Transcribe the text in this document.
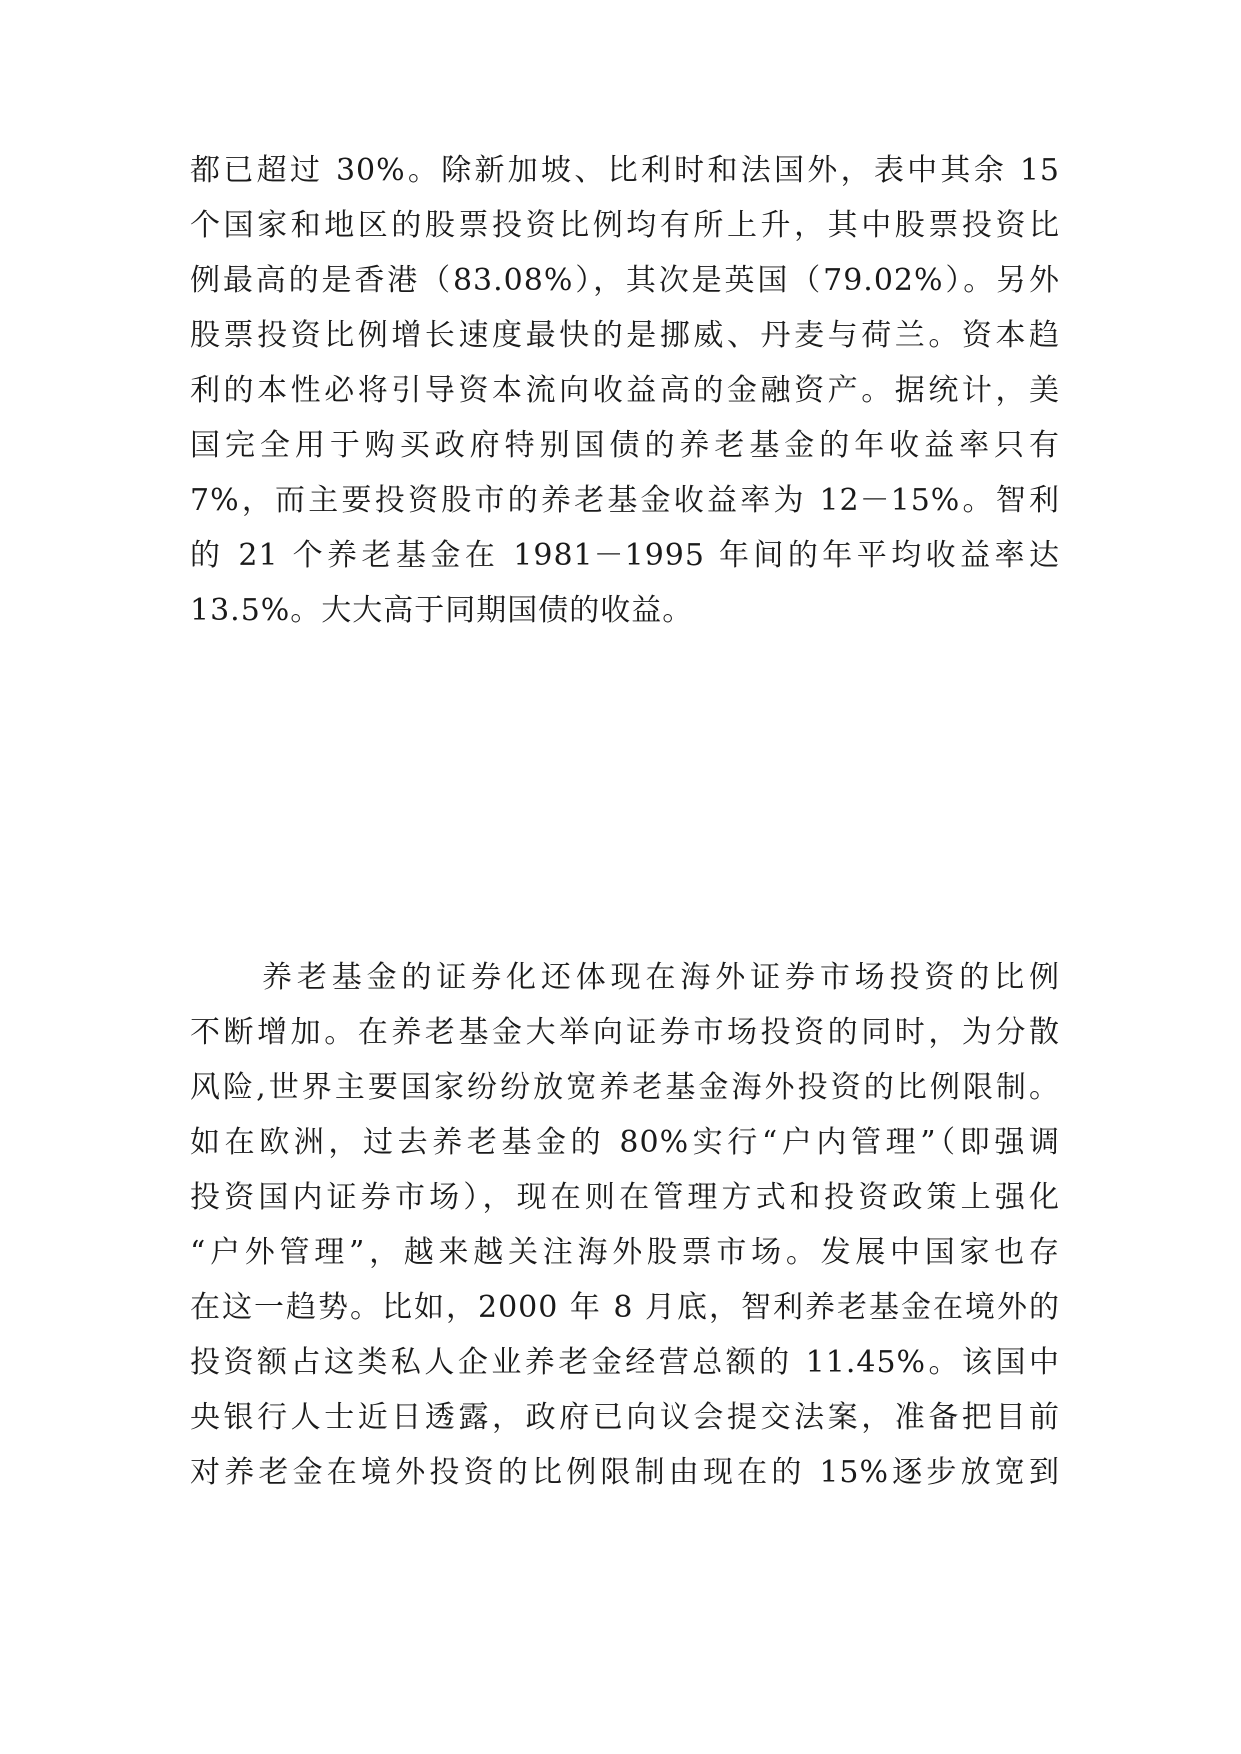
都已超过 30%。除新加坡、比利时和法国外，表中其余 15
个国家和地区的股票投资比例均有所上升，其中股票投资比
例最高的是香港（83.08%），其次是英国（79.02%）。另外
股票投资比例增长速度最快的是挪威、丹麦与荷兰。资本趋
利的本性必将引导资本流向收益高的金融资产。据统计，美
国完全用于购买政府特别国债的养老基金的年收益率只有
7%，而主要投资股市的养老基金收益率为 12－15%。智利
的 21 个养老基金在 1981－1995 年间的年平均收益率达
13.5%。大大高于同期国债的收益。
养老基金的证券化还体现在海外证券市场投资的比例
不断增加。在养老基金大举向证券市场投资的同时，为分散
风险,世界主要国家纷纷放宽养老基金海外投资的比例限制。
如在欧洲，过去养老基金的 80%实行“户内管理”（即强调
投资国内证券市场），现在则在管理方式和投资政策上强化
“户外管理”，越来越关注海外股票市场。发展中国家也存
在这一趋势。比如，2000 年 8 月底，智利养老基金在境外的
投资额占这类私人企业养老金经营总额的 11.45%。该国中
央银行人士近日透露，政府已向议会提交法案，准备把目前
对养老金在境外投资的比例限制由现在的 15%逐步放宽到
